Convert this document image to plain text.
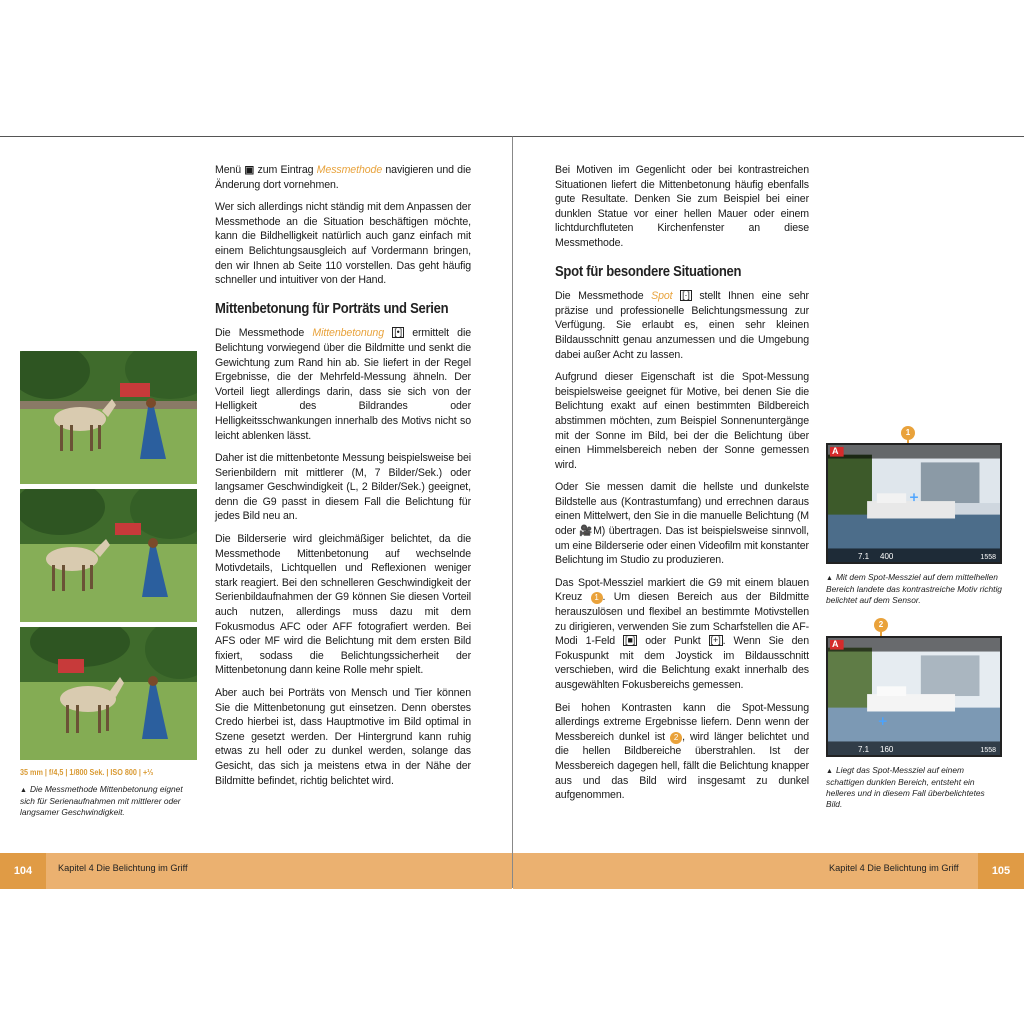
35 mm | f/4,5 | 1/800 Sek. | ISO 800 | +⅓
▲ Die Messmethode Mittenbetonung eignet sich für Serienaufnahmen mit mittlerer oder langsamer Geschwindigkeit.

Menü ▣ zum Eintrag Messmethode navigieren und die Änderung dort vornehmen.

Wer sich allerdings nicht ständig mit dem Anpassen der Messmethode an die Situation beschäftigen möchte, kann die Bildhelligkeit natürlich auch ganz einfach mit einem Belichtungsausgleich auf Vordermann bringen, den wir Ihnen ab Seite 110 vorstellen. Das geht häufig schneller und intuitiver von der Hand.

Mittenbetonung für Porträts und Serien

Die Messmethode Mittenbetonung [•] ermittelt die Belichtung vorwiegend über die Bildmitte und senkt die Gewichtung zum Rand hin ab. Sie liefert in der Regel Ergebnisse, die der Mehrfeld-Messung ähneln. Der Vorteil liegt allerdings darin, dass sie sich von der Helligkeit des Bildrandes oder Helligkeitsschwankungen innerhalb des Motivs nicht so leicht ablenken lässt.

Daher ist die mittenbetonte Messung beispielsweise bei Serienbildern mit mittlerer (M, 7 Bilder/Sek.) oder langsamer Geschwindigkeit (L, 2 Bilder/Sek.) geeignet, denn die G9 passt in diesem Fall die Belichtung für jedes Bild neu an.

Die Bilderserie wird gleichmäßiger belichtet, da die Messmethode Mittenbetonung auf wechselnde Motivdetails, Lichtquellen und Reflexionen weniger stark reagiert. Bei den schnelleren Geschwindigkeit der Serienbildaufnahmen der G9 können Sie diesen Vorteil auch nutzen, allerdings muss dazu mit dem Fokusmodus AFC oder AFF fotografiert werden. Bei AFS oder MF wird die Belichtung mit dem ersten Bild fixiert, sodass die Belichtungssicherheit der Mittenbetonung dann keine Rolle mehr spielt.

Aber auch bei Porträts von Mensch und Tier können Sie die Mittenbetonung gut einsetzen. Denn oberstes Credo hierbei ist, dass Hauptmotive im Bild optimal in Szene gesetzt werden. Der Hintergrund kann ruhig etwas zu hell oder zu dunkel werden, solange das Gesicht, das sich ja meistens etwa in der Nähe der Bildmitte befindet, richtig belichtet wird.

104	Kapitel 4 Die Belichtung im Griff

Bei Motiven im Gegenlicht oder bei kontrastreichen Situationen liefert die Mittenbetonung häufig ebenfalls gute Resultate. Denken Sie zum Beispiel bei einer dunklen Statue vor einer hellen Mauer oder einem lichtdurchfluteten Kirchenfenster an diese Messmethode.

Spot für besondere Situationen

Die Messmethode Spot [·] stellt Ihnen eine sehr präzise und professionelle Belichtungsmessung zur Verfügung. Sie erlaubt es, einen sehr kleinen Bildausschnitt genau anzumessen und die Umgebung dabei außer Acht zu lassen.

Aufgrund dieser Eigenschaft ist die Spot-Messung beispielsweise geeignet für Motive, bei denen Sie die Belichtung exakt auf einen bestimmten Bildbereich abstimmen möchten, zum Beispiel Sonnenuntergänge mit der Sonne im Bild, bei der die Belichtung über einen Himmelsbereich neben der Sonne gemessen wird.

Oder Sie messen damit die hellste und dunkelste Bildstelle aus (Kontrastumfang) und errechnen daraus einen Mittelwert, den Sie in die manuelle Belichtung (M oder 🎥M) übertragen. Das ist beispielsweise sinnvoll, um eine Bilderserie oder einen Videofilm mit konstanter Belichtung im Studio zu produzieren.

Das Spot-Messziel markiert die G9 mit einem blauen Kreuz 1 . Um diesen Bereich aus der Bildmitte herauszulösen und flexibel an bestimmte Motivstellen zu dirigieren, verwenden Sie zum Scharfstellen die AF-Modi 1-Feld [■] oder Punkt [+] . Wenn Sie den Fokuspunkt mit dem Joystick im Bildausschnitt verschieben, wird die Belichtung exakt innerhalb des ausgewählten Fokusbereichs gemessen.

Bei hohen Kontrasten kann die Spot-Messung allerdings extreme Ergebnisse liefern. Denn wenn der Messbereich dunkel ist 2 , wird länger belichtet und die hellen Bildbereiche überstrahlen. Ist der Messbereich dagegen hell, fällt die Belichtung knapper aus und das Bild wird insgesamt zu dunkel aufgenommen.

1
A
7.1 400	1558
▲ Mit dem Spot-Messziel auf dem mittelhellen Bereich landete das kontrastreiche Motiv richtig belichtet auf dem Sensor.
2
A
7.1 160	1558
▲ Liegt das Spot-Messziel auf einem schattigen dunklen Bereich, entsteht ein helleres und in diesem Fall überbelichtetes Bild.
105
Kapitel 4 Die Belichtung im Griff
